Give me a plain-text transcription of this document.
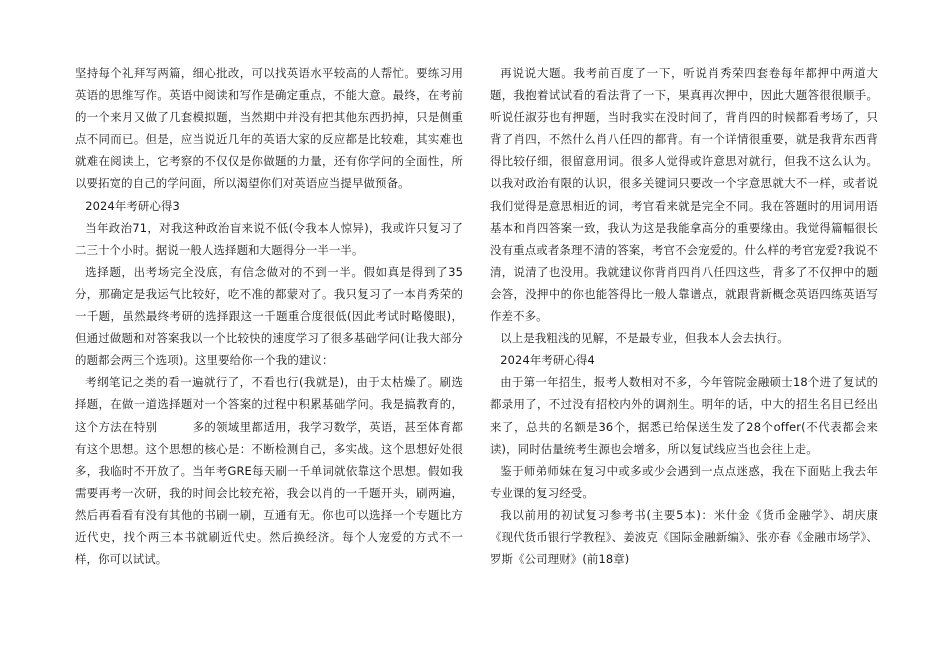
坚持每个礼拜写两篇，细心批改，可以找英语水平较高的人帮忙。要练习用英语的思维写作。英语中阅读和写作是确定重点，不能大意。最终，在考前的一个来月又做了几套模拟题，当然期中并没有把其他东西扔掉，只是侧重点不同而已。但是，应当说近几年的英语大家的反应都是比较难，其实难也就难在阅读上，它考察的不仅仅是你做题的力量，还有你学问的全面性，所以要拓宽的自己的学问面，所以渴望你们对英语应当提早做预备。

2024年考研心得3

当年政治71，对我这种政治盲来说不低(令我本人惊异)，我或许只复习了二三十个小时。据说一般人选择题和大题得分一半一半。

选择题，出考场完全没底，有信念做对的不到一半。假如真是得到了35分，那确定是我运气比较好，吃不准的都蒙对了。我只复习了一本肖秀荣的一千题，虽然最终考研的选择跟这一千题重合度很低(因此考试时略傻眼)，但通过做题和对答案我以一个比较快的速度学习了很多基础学问(让我大部分的题都会两三个选项)。这里要给你一个我的建议：

考纲笔记之类的看一遍就行了，不看也行(我就是)，由于太枯燥了。刷选择题，在做一道选择题对一个答案的过程中积累基础学问。我是搞教育的，这个方法在特别　　　多的领域里都适用，我学习数学，英语，甚至体育都有这个思想。这个思想的核心是：不断检测自己，多实战。这个思想好处很多，我临时不开放了。当年考GRE每天刷一千单词就依靠这个思想。假如我需要再考一次研，我的时间会比较充裕，我会以肖的一千题开头，刷两遍，然后再看看有没有其他的书刷一刷，互通有无。你也可以选择一个专题比方近代史，找个两三本书就刷近代史。然后换经济。每个人宠爱的方式不一样，你可以试试。

再说说大题。我考前百度了一下，听说肖秀荣四套卷每年都押中两道大题，我抱着试试看的看法背了一下，果真再次押中，因此大题答很很顺手。听说任淑芬也有押题，当时我实在没时间了，背肖四的时候都看考场了，只背了肖四，不然什么肖八任四的都背。有一个详情很重要，就是我背东西背得比较仔细，很留意用词。很多人觉得或许意思对就行，但我不这么认为。以我对政治有限的认识，很多关键词只要改一个字意思就大不一样，或者说我们觉得是意思相近的词，考官看来就是完全不同。我在答题时的用词用语基本和肖四答案一致，我认为这是我能拿高分的重要缘由。我觉得篇幅很长没有重点或者条理不清的答案，考官不会宠爱的。什么样的考官宠爱?我说不清，说清了也没用。我就建议你背肖四肖八任四这些，背多了不仅押中的题会答，没押中的你也能答得比一般人靠谱点，就跟背新概念英语四练英语写作差不多。

以上是我粗浅的见解，不是最专业，但我本人会去执行。

2024年考研心得4

由于第一年招生，报考人数相对不多，今年管院金融硕士18个进了复试的都录用了，不过没有招校内外的调剂生。明年的话，中大的招生名目已经出来了，总共的名额是36个，据悉已给保送生发了28个offer(不代表都会来读)，同时估量统考生源也会增多，所以复试线应当也会往上走。

鉴于师弟师妹在复习中或多或少会遇到一点点迷惑，我在下面贴上我去年专业课的复习经受。

我以前用的初试复习参考书(主要5本)：米什金《货币金融学》、胡庆康《现代货币银行学教程》、姜波克《国际金融新编》、张亦春《金融市场学》、罗斯《公司理财》(前18章)
